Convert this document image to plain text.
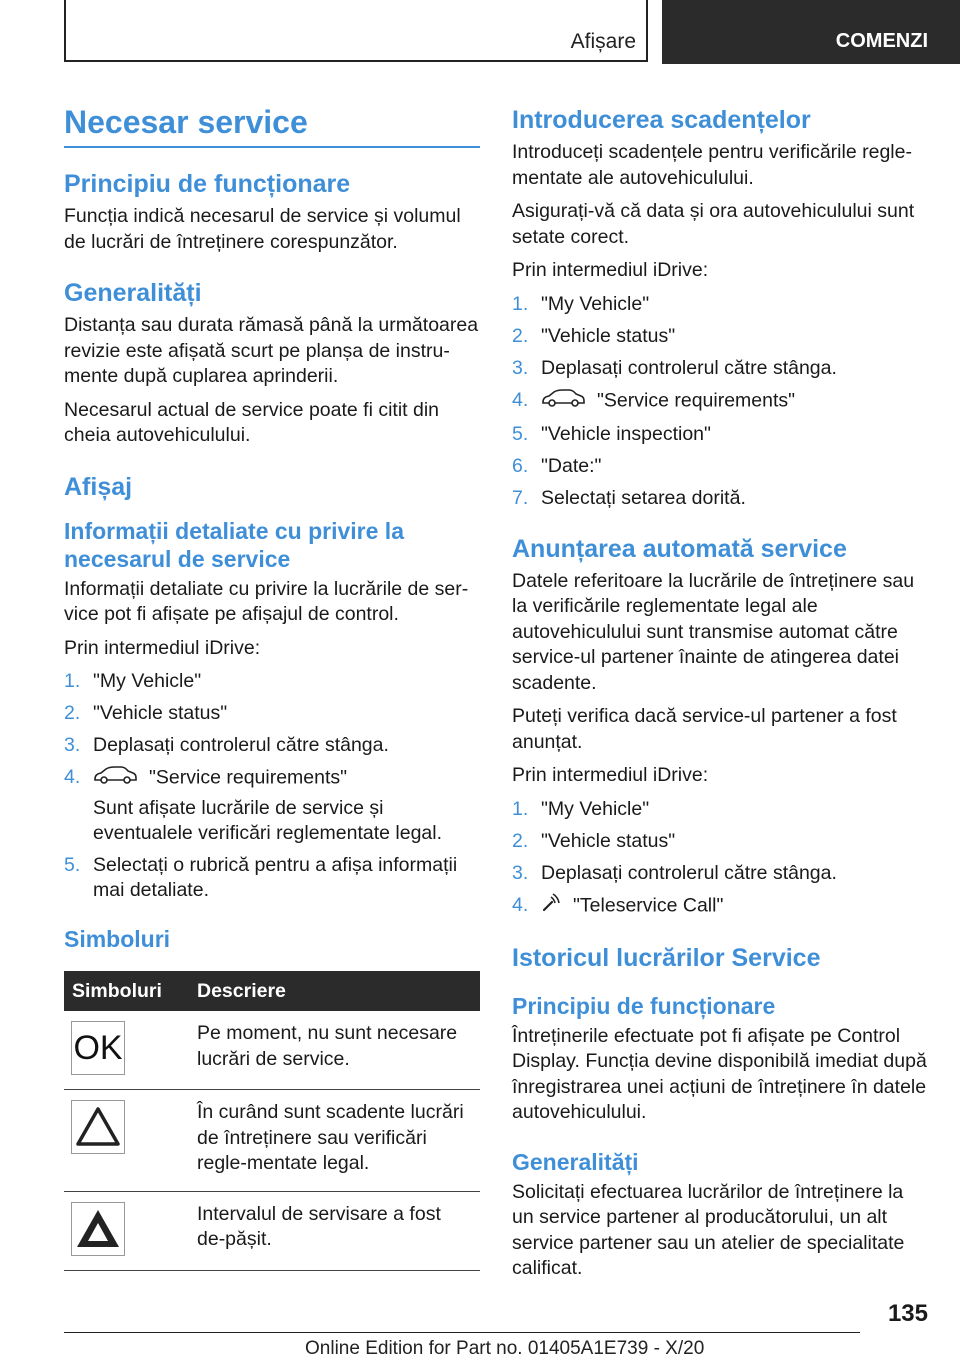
Afișare	COMENZI
Necesar service
Principiu de funcționare

Funcția indică necesarul de service și volumul de lucrări de întreținere corespunzător.

Generalități

Distanța sau durata rămasă până la următoarea revizie este afișată scurt pe planșa de instru-mente după cuplarea aprinderii.

Necesarul actual de service poate fi citit din cheia autovehiculului.

Afișaj
Informații detaliate cu privire la necesarul de service

Informații detaliate cu privire la lucrările de ser-vice pot fi afișate pe afișajul de control.

Prin intermediul iDrive:

1. "My Vehicle"
2. "Vehicle status"
3. Deplasați controlerul către stânga.
4.	"Service requirements"
Sunt afișate lucrările de service și eventualele verificări reglementate legal.
5. Selectați o rubrică pentru a afișa informații mai detaliate.
Simboluri
Simboluri	Descriere

OK	Pe moment, nu sunt necesare lucrări de service.

	În curând sunt scadente lucrări de întreținere sau verificări regle-mentate legal.

	Intervalul de servisare a fost de-pășit.
Introducerea scadențelor

Introduceți scadențele pentru verificările regle-mentate ale autovehiculului.

Asigurați-vă că data și ora autovehiculului sunt setate corect.

Prin intermediul iDrive:

1. "My Vehicle"
2. "Vehicle status"
3. Deplasați controlerul către stânga.
4.	"Service requirements"
5. "Vehicle inspection"
6. "Date:"
7. Selectați setarea dorită.
Anunțarea automată service

Datele referitoare la lucrările de întreținere sau la verificările reglementate legal ale autovehiculului sunt transmise automat către service-ul partener înainte de atingerea datei scadente.

Puteți verifica dacă service-ul partener a fost anunțat.

Prin intermediul iDrive:

1. "My Vehicle"
2. "Vehicle status"
3. Deplasați controlerul către stânga.
4. "Teleservice Call"
Istoricul lucrărilor Service
Principiu de funcționare

Întreținerile efectuate pot fi afișate pe Control Display. Funcția devine disponibilă imediat după înregistrarea unei acțiuni de întreținere în datele autovehiculului.

Generalități

Solicitați efectuarea lucrărilor de întreținere la un service partener al producătorului, un alt service partener sau un atelier de specialitate calificat.

135
Online Edition for Part no. 01405A1E739 - X/20
